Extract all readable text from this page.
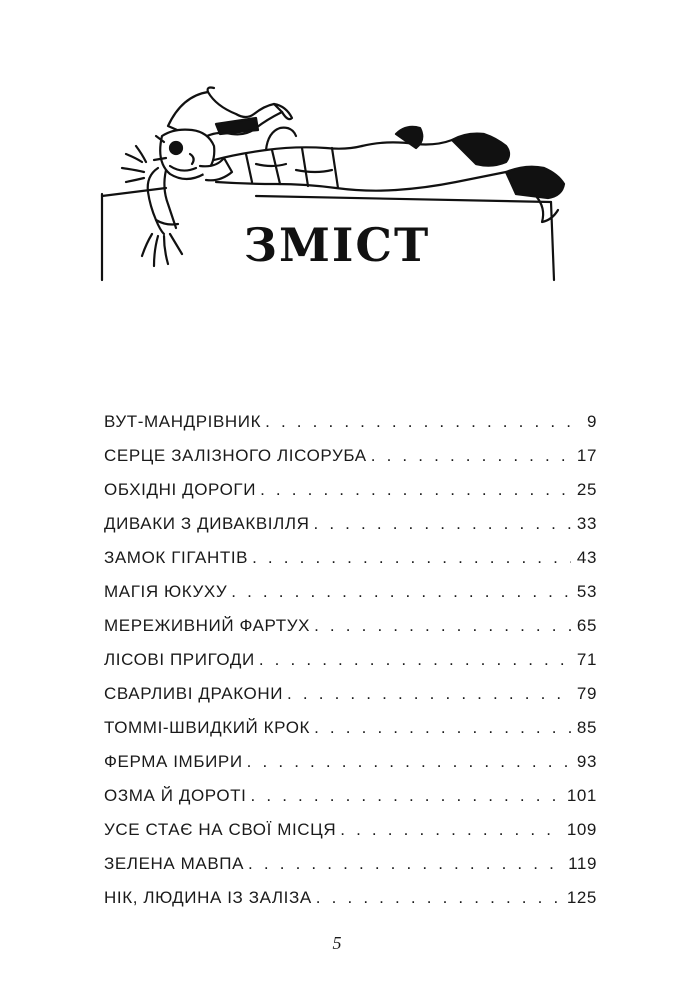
ЗМІСТ
ВУТ-МАНДРІВНИК . . .	9
СЕРЦЕ ЗАЛІЗНОГО ЛІСОРУБА . . .	17
ОБХІДНІ ДОРОГИ . . .	25
ДИВАКИ З ДИВАКВІЛЛЯ . . .	33
ЗАМОК ГІГАНТІВ . . .	43
МАГІЯ ЮКУХУ . . .	53
МЕРЕЖИВНИЙ ФАРТУХ . . .	65
ЛІСОВІ ПРИГОДИ . . .	71
СВАРЛИВІ ДРАКОНИ . . .	79
ТОММІ-ШВИДКИЙ КРОК . . .	85
ФЕРМА ІМБИРИ . . .	93
ОЗМА Й ДОРОТІ . . .	101
УСЕ СТАЄ НА СВОЇ МІСЦЯ . . .	109
ЗЕЛЕНА МАВПА . . .	119
НІК, ЛЮДИНА ІЗ ЗАЛІЗА . . .	125
5
